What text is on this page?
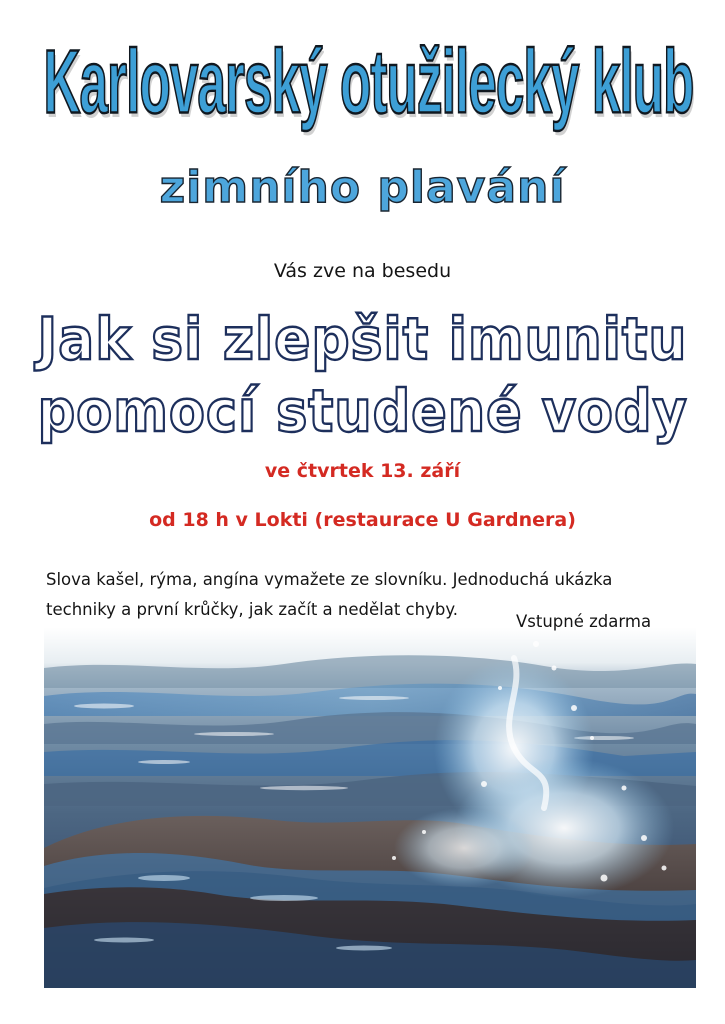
Karlovarský otužilecký klub
zimního plavání
Vás zve na besedu
Jak si zlepšit imunitu
pomocí studené vody
ve čtvrtek 13. září
od 18 h v Lokti (restaurace U Gardnera)
Slova kašel, rýma, angína vymažete ze slovníku. Jednoduchá ukázka
techniky a první krůčky, jak začít a nedělat chyby.
Vstupné zdarma
